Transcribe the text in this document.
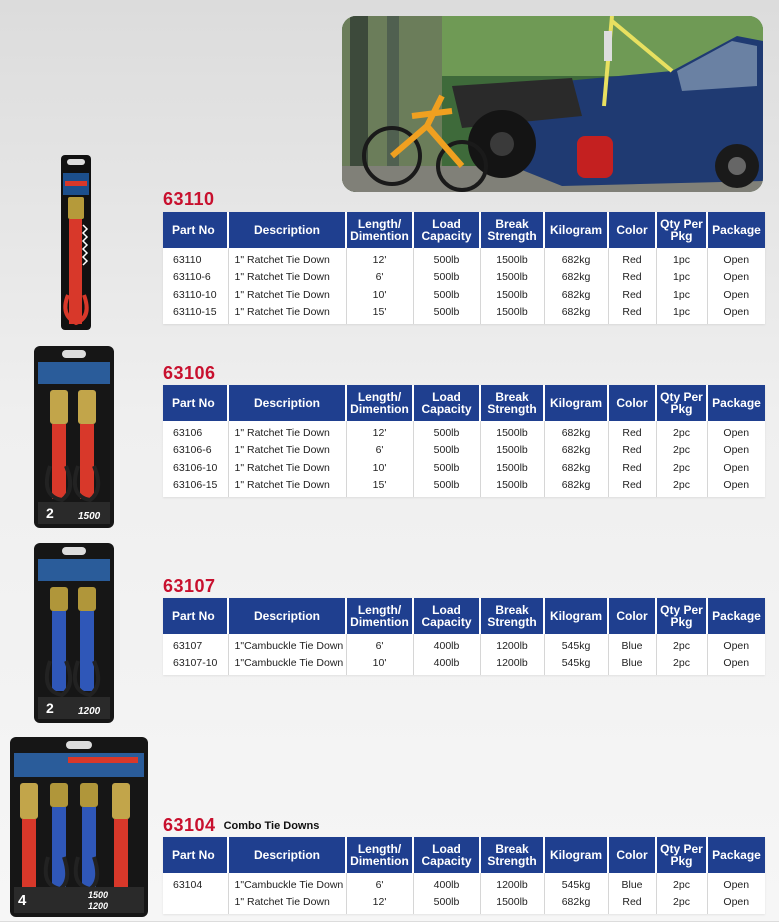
2 1500
2 1200
4	1500
1200
63110
63106
63107
63104 Combo Tie Downs
Part No	Description	Length/ Dimention	Load Capacity	Break Strength	Kilogram	Color	Qty Per Pkg	Package
63110	1" Ratchet Tie Down	12'	500lb	1500lb	682kg	Red	1pc	Open
63110-6	1" Ratchet Tie Down	6'	500lb	1500lb	682kg	Red	1pc	Open
63110-10	1" Ratchet Tie Down	10'	500lb	1500lb	682kg	Red	1pc	Open
63110-15	1" Ratchet Tie Down	15'	500lb	1500lb	682kg	Red	1pc	Open
Part No	Description	Length/ Dimention	Load Capacity	Break Strength	Kilogram	Color	Qty Per Pkg	Package
63106	1" Ratchet Tie Down	12'	500lb	1500lb	682kg	Red	2pc	Open
63106-6	1" Ratchet Tie Down	6'	500lb	1500lb	682kg	Red	2pc	Open
63106-10	1" Ratchet Tie Down	10'	500lb	1500lb	682kg	Red	2pc	Open
63106-15	1" Ratchet Tie Down	15'	500lb	1500lb	682kg	Red	2pc	Open
Part No	Description	Length/ Dimention	Load Capacity	Break Strength	Kilogram	Color	Qty Per Pkg	Package
63107	1"Cambuckle Tie Down	6'	400lb	1200lb	545kg	Blue	2pc	Open
63107-10	1"Cambuckle Tie Down	10'	400lb	1200lb	545kg	Blue	2pc	Open
Part No	Description	Length/ Dimention	Load Capacity	Break Strength	Kilogram	Color	Qty Per Pkg	Package
63104	1"Cambuckle Tie Down	6'	400lb	1200lb	545kg	Blue	2pc	Open
	1" Ratchet Tie Down	12'	500lb	1500lb	682kg	Red	2pc	Open
